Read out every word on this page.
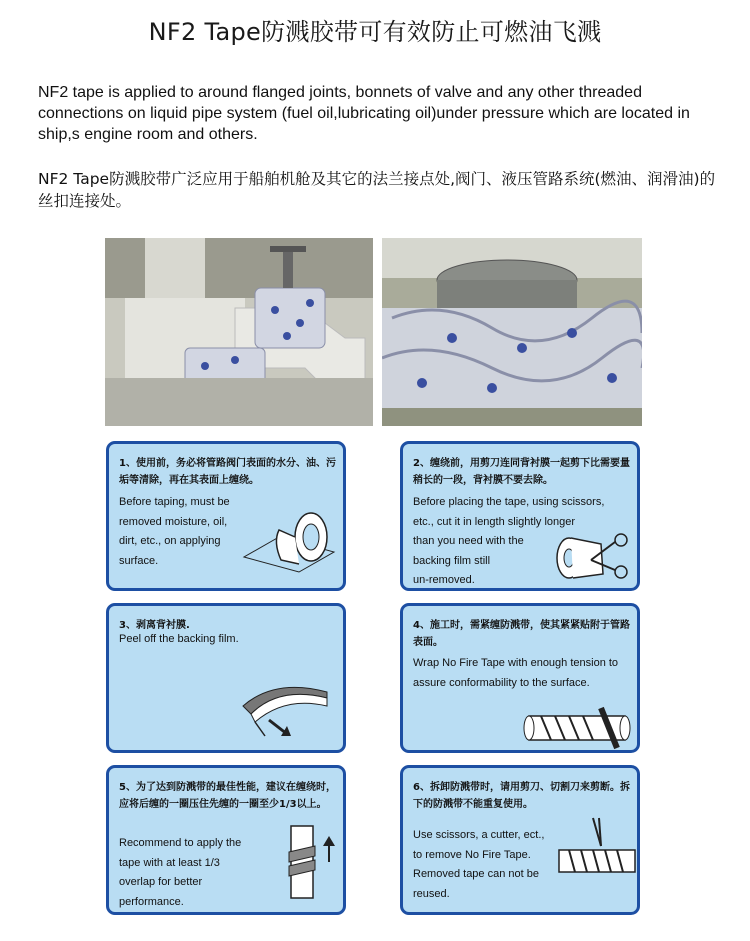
NF2 Tape防溅胶带可有效防止可燃油飞溅
NF2 tape is applied to around flanged joints, bonnets of valve and any other threaded connections on liquid pipe system (fuel oil,lubricating oil)under pressure which are located in ship,s engine room and others.
NF2 Tape防溅胶带广泛应用于船舶机舱及其它的法兰接点处,阀门、液压管路系统(燃油、润滑油)的丝扣连接处。
1、使用前，务必将管路阀门表面的水分、油、污垢等清除，再在其表面上缠绕。
Before taping, must be
removed moisture, oil,
dirt, etc., on applying
surface.
2、缠绕前，用剪刀连同背衬膜一起剪下比需要量稍长的一段，背衬膜不要去除。
Before placing the tape, using scissors,
etc., cut it in length slightly longer
than you need with the
backing film still
un-removed.
3、剥离背衬膜.
Peel off the backing film.
4、施工时，需紧缠防溅带，使其紧紧贴附于管路表面。
Wrap No Fire Tape with enough tension to
assure conformability to the surface.
5、为了达到防溅带的最佳性能，建议在缠绕时，应将后缠的一圈压住先缠的一圈至少1/3以上。
Recommend to apply the
tape with at least 1/3
overlap for better
performance.
6、拆卸防溅带时，请用剪刀、切割刀来剪断。拆下的防溅带不能重复使用。
Use scissors, a cutter, ect.,
to remove No Fire Tape.
Removed tape can not be
reused.
